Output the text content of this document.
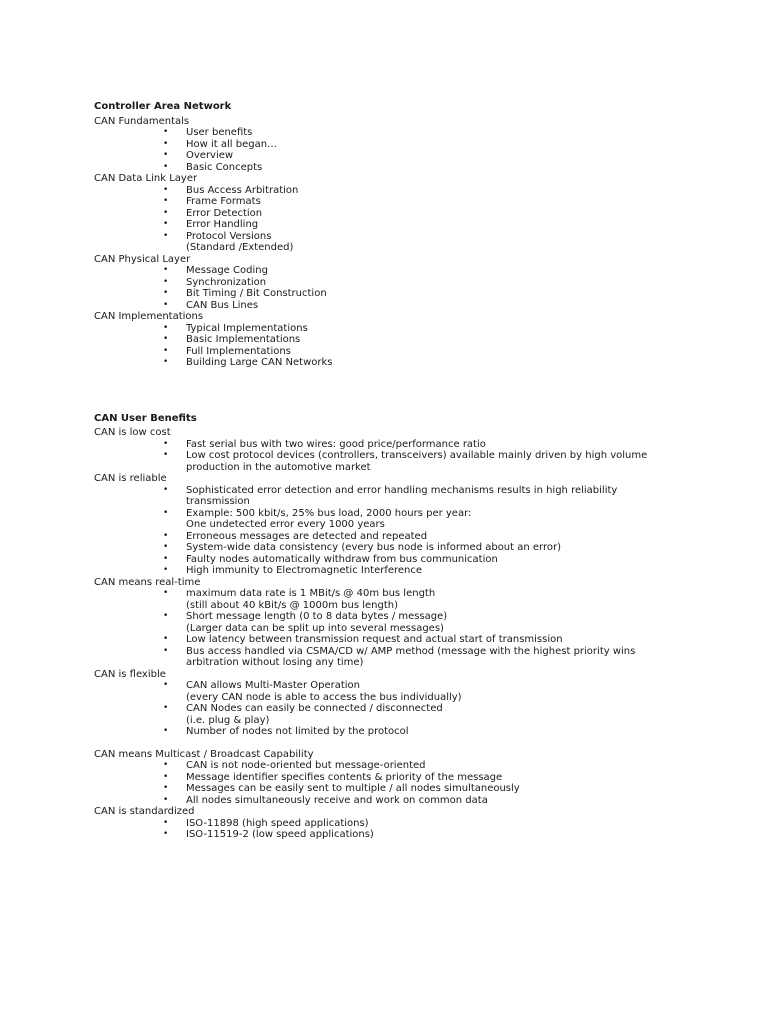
Controller Area Network
CAN Fundamentals
• User benefits
• How it all began…
• Overview
• Basic Concepts
CAN Data Link Layer
• Bus Access Arbitration
• Frame Formats
• Error Detection
• Error Handling
• Protocol Versions
(Standard /Extended)
CAN Physical Layer
• Message Coding
• Synchronization
• Bit Timing / Bit Construction
• CAN Bus Lines
CAN Implementations
• Typical Implementations
• Basic Implementations
• Full Implementations
• Building Large CAN Networks
CAN User Benefits
CAN is low cost
• Fast serial bus with two wires: good price/performance ratio
• Low cost protocol devices (controllers, transceivers) available mainly driven by high volume
production in the automotive market
CAN is reliable
• Sophisticated error detection and error handling mechanisms results in high reliability
transmission
• Example: 500 kbit/s, 25% bus load, 2000 hours per year:
One undetected error every 1000 years
• Erroneous messages are detected and repeated
• System-wide data consistency (every bus node is informed about an error)
• Faulty nodes automatically withdraw from bus communication
• High immunity to Electromagnetic Interference
CAN means real-time
• maximum data rate is 1 MBit/s @ 40m bus length
(still about 40 kBit/s @ 1000m bus length)
• Short message length (0 to 8 data bytes / message)
(Larger data can be split up into several messages)
• Low latency between transmission request and actual start of transmission
• Bus access handled via CSMA/CD w/ AMP method (message with the highest priority wins
arbitration without losing any time)
CAN is flexible
• CAN allows Multi-Master Operation
(every CAN node is able to access the bus individually)
• CAN Nodes can easily be connected / disconnected
(i.e. plug & play)
• Number of nodes not limited by the protocol
CAN means Multicast / Broadcast Capability
• CAN is not node-oriented but message-oriented
• Message identifier specifies contents & priority of the message
• Messages can be easily sent to multiple / all nodes simultaneously
• All nodes simultaneously receive and work on common data
CAN is standardized
• ISO-11898 (high speed applications)
• ISO-11519-2 (low speed applications)
